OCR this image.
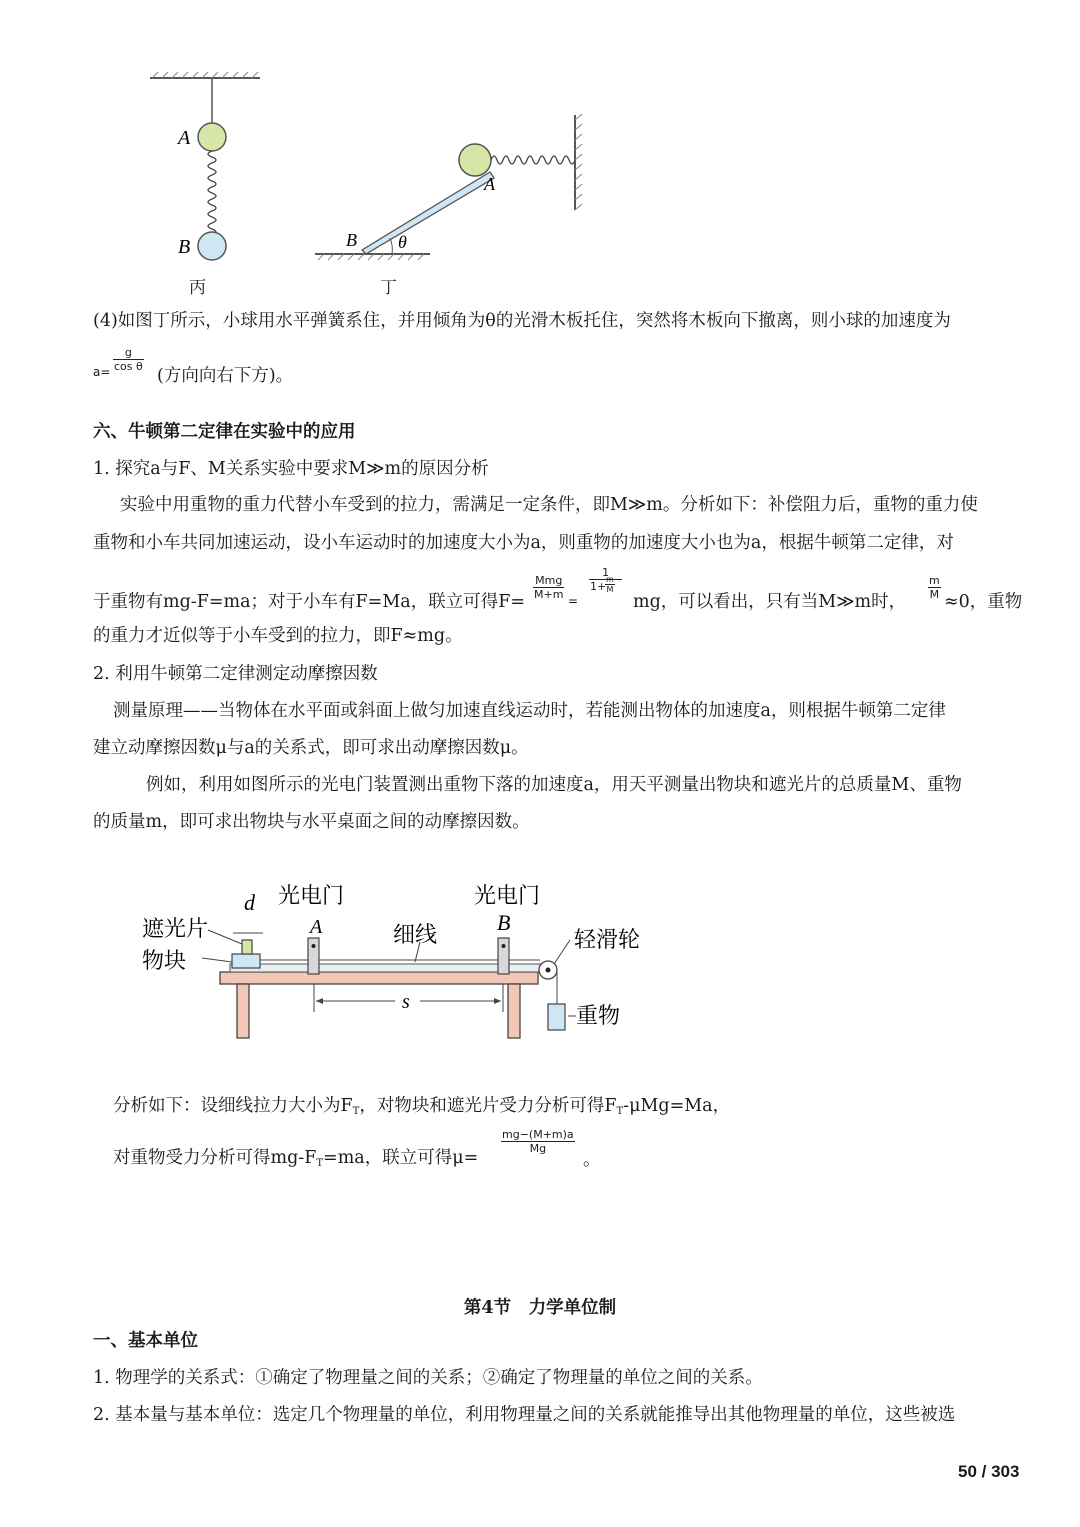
A
B
丙
A
B θ
丁
(4)如图丁所示，小球用水平弹簧系住，并用倾角为θ的光滑木板托住，突然将木板向下撤离，则小球的加速度为
$a= \frac{g}{\text{cos θ}}$
(方向向右下方)。
六、牛顿第二定律在实验中的应用
1. 探究a与F、M关系实验中要求M≫m的原因分析
实验中用重物的重力代替小车受到的拉力，需满足一定条件，即M≫m。分析如下：补偿阻力后，重物的重力使
重物和小车共同加速运动，设小车运动时的加速度大小为a，则重物的加速度大小也为a，根据牛顿第二定律，对
于重物有mg-F=ma；对于小车有F=Ma，联立可得F=
Mmg
M+m =
1
1+
$\frac{m}{M}$
mg，可以看出，只有当M≫m时，
$\frac{m}{M}$
≈0，重物
的重力才近似等于小车受到的拉力，即F≈mg。
2. 利用牛顿第二定律测定动摩擦因数
测量原理——当物体在水平面或斜面上做匀加速直线运动时，若能测出物体的加速度a，则根据牛顿第二定律
建立动摩擦因数μ与a的关系式，即可求出动摩擦因数μ。
例如，利用如图所示的光电门装置测出重物下落的加速度a，用天平测量出物块和遮光片的总质量M、重物
的质量m，即可求出物块与水平桌面之间的动摩擦因数。
d 光电门
A
光电门
B
遮光片
物块
细线	轻滑轮
s
重物
分析如下：设细线拉力大小为$F_T$，对物块和遮光片受力分析可得$F_T-\mu Mg=Ma$，
对重物受力分析可得$mg-F_T=ma$，联立可得μ=
$\frac{mg-(M+m)a}{Mg}$
。
第4节　力学单位制
一、基本单位
1. 物理学的关系式：①确定了物理量之间的关系；②确定了物理量的单位之间的关系。
2. 基本量与基本单位：选定几个物理量的单位，利用物理量之间的关系就能推导出其他物理量的单位，这些被选
50 / 303
